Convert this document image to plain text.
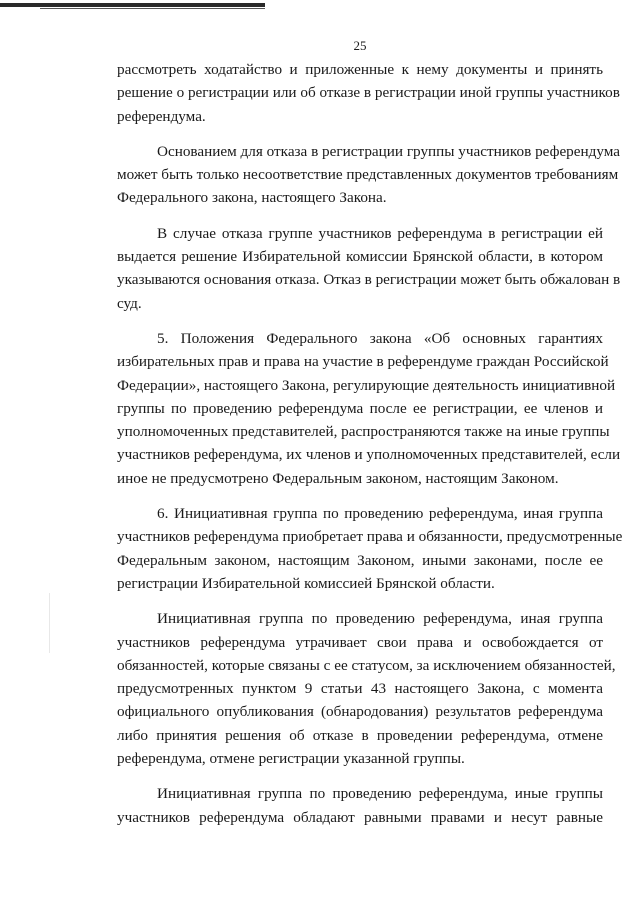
25

рассмотреть ходатайство и приложенные к нему документы и принять
решение о регистрации или об отказе в регистрации иной группы участников
референдума.

Основанием для отказа в регистрации группы участников референдума
может быть только несоответствие представленных документов требованиям
Федерального закона, настоящего Закона.

В случае отказа группе участников референдума в регистрации ей
выдается решение Избирательной комиссии Брянской области, в котором
указываются основания отказа. Отказ в регистрации может быть обжалован в
суд.

5. Положения Федерального закона «Об основных гарантиях
избирательных прав и права на участие в референдуме граждан Российской
Федерации», настоящего Закона, регулирующие деятельность инициативной
группы по проведению референдума после ее регистрации, ее членов и
уполномоченных представителей, распространяются также на иные группы
участников референдума, их членов и уполномоченных представителей, если
иное не предусмотрено Федеральным законом, настоящим Законом.

6. Инициативная группа по проведению референдума, иная группа
участников референдума приобретает права и обязанности, предусмотренные
Федеральным законом, настоящим Законом, иными законами, после ее
регистрации Избирательной комиссией Брянской области.

Инициативная группа по проведению референдума, иная группа
участников референдума утрачивает свои права и освобождается от
обязанностей, которые связаны с ее статусом, за исключением обязанностей,
предусмотренных пунктом 9 статьи 43 настоящего Закона, с момента
официального опубликования (обнародования) результатов референдума
либо принятия решения об отказе в проведении референдума, отмене
референдума, отмене регистрации указанной группы.

Инициативная группа по проведению референдума, иные группы
участников референдума обладают равными правами и несут равные
